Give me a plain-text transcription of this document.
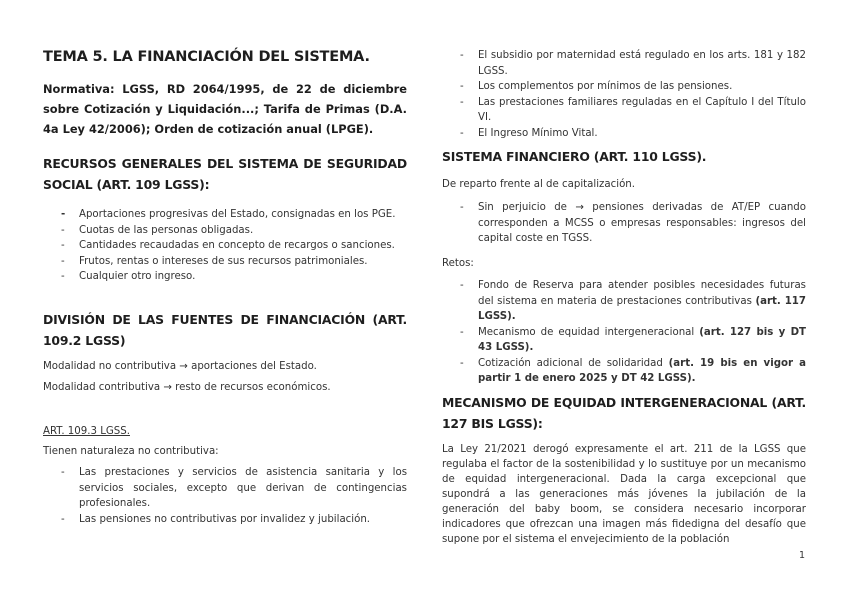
TEMA 5. LA FINANCIACIÓN DEL SISTEMA.

Normativa: LGSS, RD 2064/1995, de 22 de diciembre sobre Cotización y Liquidación...; Tarifa de Primas (D.A. 4a Ley 42/2006); Orden de cotización anual (LPGE).

RECURSOS GENERALES DEL SISTEMA DE SEGURIDAD SOCIAL (ART. 109 LGSS):
- Aportaciones progresivas del Estado, consignadas en los PGE.
- Cuotas de las personas obligadas.
- Cantidades recaudadas en concepto de recargos o sanciones.
- Frutos, rentas o intereses de sus recursos patrimoniales.
- Cualquier otro ingreso.
DIVISIÓN DE LAS FUENTES DE FINANCIACIÓN (ART. 109.2 LGSS)

Modalidad no contributiva → aportaciones del Estado.

Modalidad contributiva → resto de recursos económicos.

ART. 109.3 LGSS.

Tienen naturaleza no contributiva:

- Las prestaciones y servicios de asistencia sanitaria y los servicios sociales, excepto que derivan de contingencias profesionales.
- Las pensiones no contributivas por invalidez y jubilación.
- El subsidio por maternidad está regulado en los arts. 181 y 182 LGSS.
- Los complementos por mínimos de las pensiones.
- Las prestaciones familiares reguladas en el Capítulo I del Título VI.
- El Ingreso Mínimo Vital.
SISTEMA FINANCIERO (ART. 110 LGSS).

De reparto frente al de capitalización.

- Sin perjuicio de → pensiones derivadas de AT/EP cuando corresponden a MCSS o empresas responsables: ingresos del capital coste en TGSS.

Retos:

- Fondo de Reserva para atender posibles necesidades futuras del sistema en materia de prestaciones contributivas (art. 117 LGSS).
- Mecanismo de equidad intergeneracional (art. 127 bis y DT 43 LGSS).
- Cotización adicional de solidaridad (art. 19 bis en vigor a partir 1 de enero 2025 y DT 42 LGSS).
MECANISMO DE EQUIDAD INTERGENERACIONAL (ART. 127 BIS LGSS):

La Ley 21/2021 derogó expresamente el art. 211 de la LGSS que regulaba el factor de la sostenibilidad y lo sustituye por un mecanismo de equidad intergeneracional. Dada la carga excepcional que supondrá a las generaciones más jóvenes la jubilación de la generación del baby boom, se considera necesario incorporar indicadores que ofrezcan una imagen más fidedigna del desafío que supone por el sistema el envejecimiento de la población

1
